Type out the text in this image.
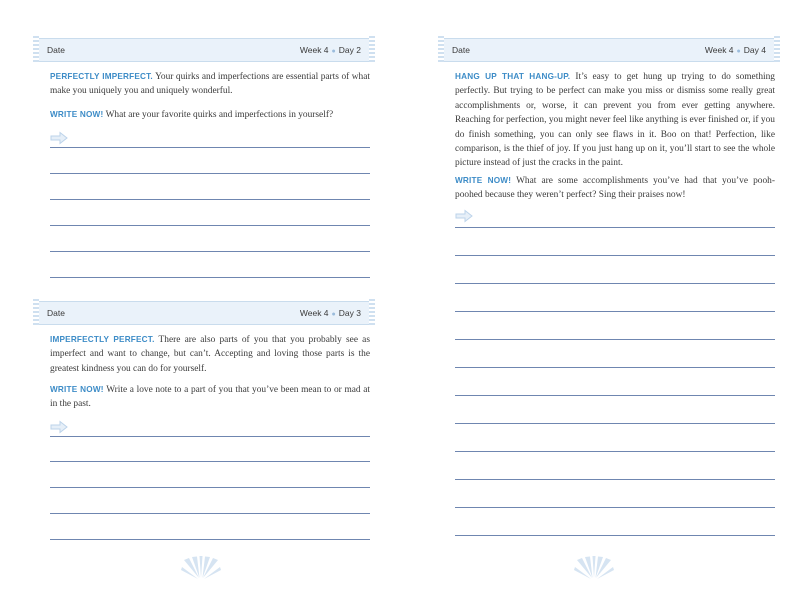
Date	Week 4 ● Day 2
PERFECTLY IMPERFECT. Your quirks and imperfections are essential parts of what make you uniquely you and uniquely wonderful.
WRITE NOW! What are your favorite quirks and imperfections in yourself?
Date	Week 4 ● Day 3
IMPERFECTLY PERFECT. There are also parts of you that you probably see as imperfect and want to change, but can’t. Accepting and loving those parts is the greatest kindness you can do for yourself.
WRITE NOW! Write a love note to a part of you that you’ve been mean to or mad at in the past.
Date	Week 4 ● Day 4
HANG UP THAT HANG-UP. It’s easy to get hung up trying to do something perfectly. But trying to be perfect can make you miss or dismiss some really great accomplishments or, worse, it can prevent you from ever getting anywhere. Reaching for perfection, you might never feel like anything is ever finished or, if you do finish something, you can only see flaws in it. Boo on that! Perfection, like comparison, is the thief of joy. If you just hang up on it, you’ll start to see the whole picture instead of just the cracks in the paint.
WRITE NOW! What are some accomplishments you’ve had that you’ve pooh-poohed because they weren’t perfect? Sing their praises now!
